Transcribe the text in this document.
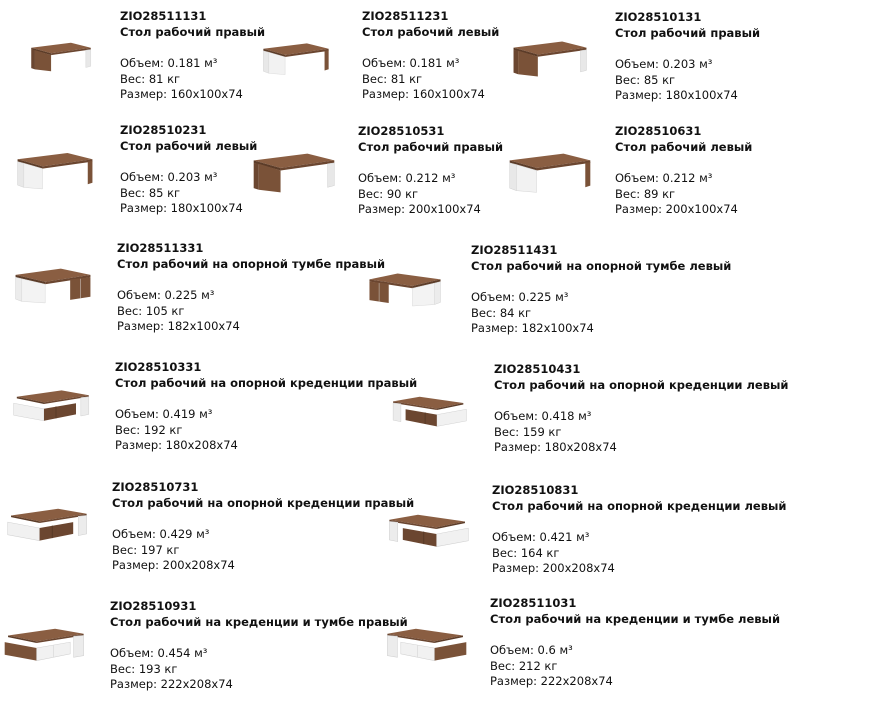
ZIO28511131
Стол рабочий правый
Объем: 0.181 м³
Вес: 81 кг
Размер: 160x100x74
ZIO28511231
Стол рабочий левый
Объем: 0.181 м³
Вес: 81 кг
Размер: 160x100x74
ZIO28510131
Стол рабочий правый
Объем: 0.203 м³
Вес: 85 кг
Размер: 180x100x74
ZIO28510231
Стол рабочий левый
Объем: 0.203 м³
Вес: 85 кг
Размер: 180x100x74
ZIO28510531
Стол рабочий правый
Объем: 0.212 м³
Вес: 90 кг
Размер: 200x100x74
ZIO28510631
Стол рабочий левый
Объем: 0.212 м³
Вес: 89 кг
Размер: 200x100x74
ZIO28511331
Стол рабочий на опорной тумбе правый
Объем: 0.225 м³
Вес: 105 кг
Размер: 182x100x74
ZIO28511431
Стол рабочий на опорной тумбе левый
Объем: 0.225 м³
Вес: 84 кг
Размер: 182x100x74
ZIO28510331
Стол рабочий на опорной креденции правый
Объем: 0.419 м³
Вес: 192 кг
Размер: 180x208x74
ZIO28510431
Стол рабочий на опорной креденции левый
Объем: 0.418 м³
Вес: 159 кг
Размер: 180x208x74
ZIO28510731
Стол рабочий на опорной креденции правый
Объем: 0.429 м³
Вес: 197 кг
Размер: 200x208x74
ZIO28510831
Стол рабочий на опорной креденции левый
Объем: 0.421 м³
Вес: 164 кг
Размер: 200x208x74
ZIO28510931
Стол рабочий на креденции и тумбе правый
Объем: 0.454 м³
Вес: 193 кг
Размер: 222x208x74
ZIO28511031
Стол рабочий на креденции и тумбе левый
Объем: 0.6 м³
Вес: 212 кг
Размер: 222x208x74
